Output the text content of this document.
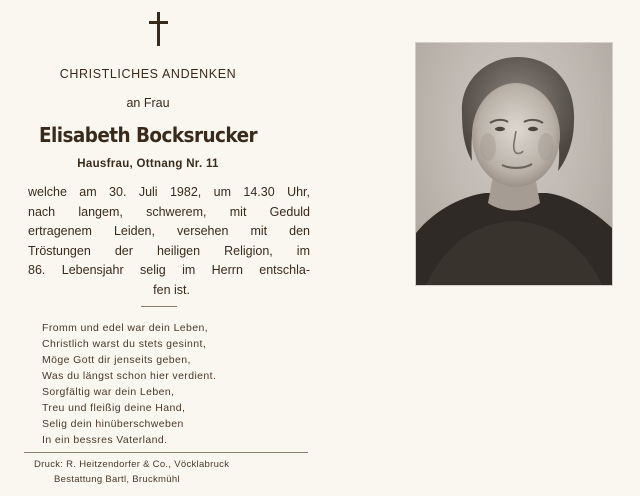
CHRISTLICHES ANDENKEN
an Frau
Elisabeth Bocksrucker
Hausfrau, Ottnang Nr. 11
welche am 30. Juli 1982, um 14.30 Uhr,
nach langem, schwerem, mit Geduld
ertragenem Leiden, versehen mit den
Tröstungen der heiligen Religion, im
86. Lebensjahr selig im Herrn entschla-
fen ist.
Fromm und edel war dein Leben,
Christlich warst du stets gesinnt,
Möge Gott dir jenseits geben,
Was du längst schon hier verdient.
Sorgfältig war dein Leben,
Treu und fleißig deine Hand,
Selig dein hinüberschweben
In ein bessres Vaterland.
Druck: R. Heitzendorfer & Co., Vöcklabruck
Bestattung Bartl, Bruckmühl
